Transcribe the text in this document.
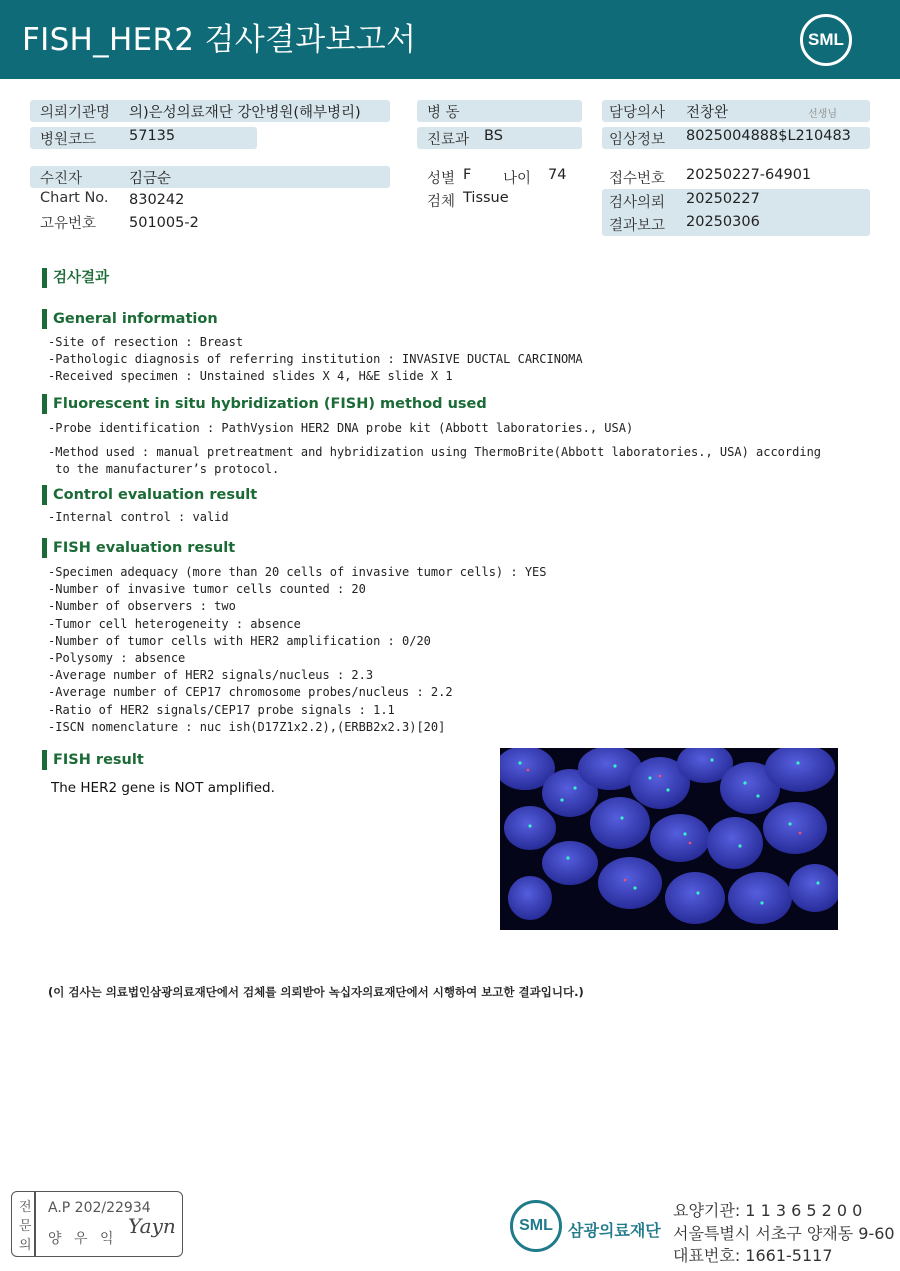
FISH_HER2 검사결과보고서	SML
의뢰기관명 의)은성의료재단 강안병원(해부병리)
병원코드 57135
병 동
진료과 BS
담당의사 전창완	선생님
임상정보 8025004888$L210483
수진자	김금순
Chart No. 830242
고유번호 501005-2
성별 F 나이 74
검체 Tissue
접수번호 20250227-64901
검사의뢰 20250227
결과보고 20250306
검사결과
General information
-Site of resection : Breast
-Pathologic diagnosis of referring institution : INVASIVE DUCTAL CARCINOMA
-Received specimen : Unstained slides X 4, H&E slide X 1
Fluorescent in situ hybridization (FISH) method used
-Probe identification : PathVysion HER2 DNA probe kit (Abbott laboratories., USA)
-Method used : manual pretreatment and hybridization using ThermoBrite(Abbott laboratories., USA) according
to the manufacturer’s protocol.
Control evaluation result
-Internal control : valid
FISH evaluation result
-Specimen adequacy (more than 20 cells of invasive tumor cells) : YES
-Number of invasive tumor cells counted : 20
-Number of observers : two
-Tumor cell heterogeneity : absence
-Number of tumor cells with HER2 amplification : 0/20
-Polysomy : absence
-Average number of HER2 signals/nucleus : 2.3
-Average number of CEP17 chromosome probes/nucleus : 2.2
-Ratio of HER2 signals/CEP17 probe signals : 1.1
-ISCN nomenclature : nuc ish(D17Z1x2.2),(ERBB2x2.3)[20]
FISH result
The HER2 gene is NOT amplified.
(이 검사는 의료법인삼광의료재단에서 검체를 의뢰받아 녹십자의료재단에서 시행하여 보고한 결과입니다.)
전
문
의
A.P 202/22934
양 우 익
Yayn	SML 삼광의료재단
요양기관: 1 1 3 6 5 2 0 0
서울특별시 서초구 양재동 9-60
대표번호: 1661-5117
